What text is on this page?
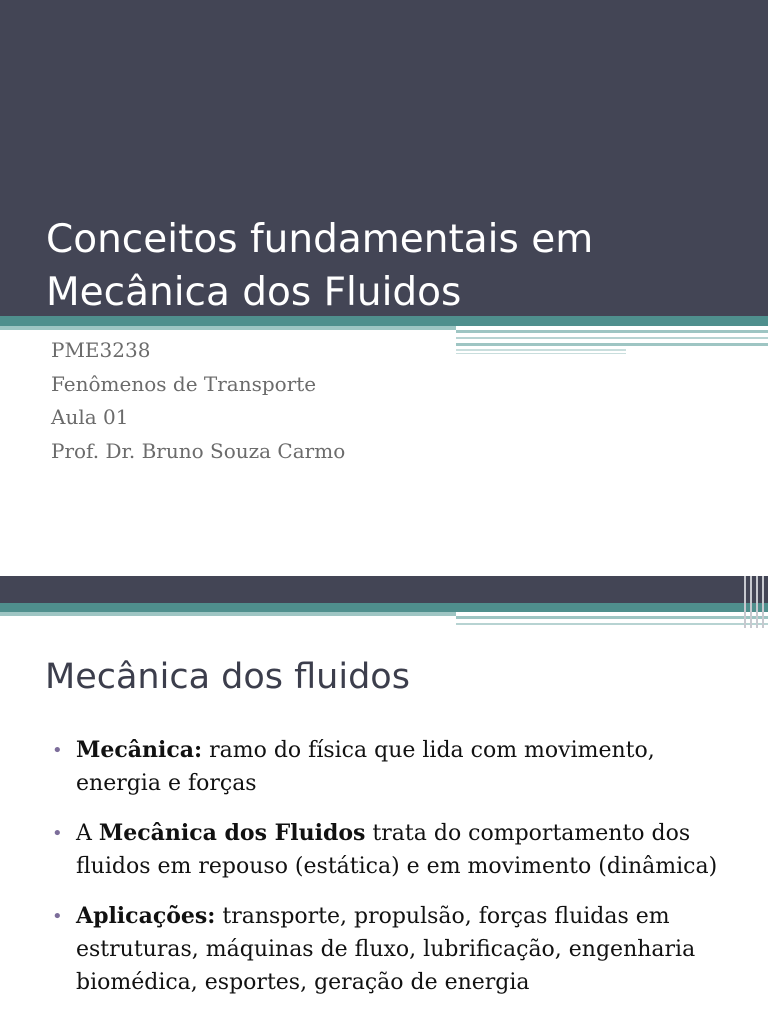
Conceitos fundamentais em
Mecânica dos Fluidos
PME3238
Fenômenos de Transporte
Aula 01
Prof. Dr. Bruno Souza Carmo
Mecânica dos fluidos
• Mecânica: ramo do física que lida com movimento, energia e forças
• A Mecânica dos Fluidos trata do comportamento dos fluidos em repouso (estática) e em movimento (dinâmica)
• Aplicações: transporte, propulsão, forças fluidas em estruturas, máquinas de fluxo, lubrificação, engenharia biomédica, esportes, geração de energia
